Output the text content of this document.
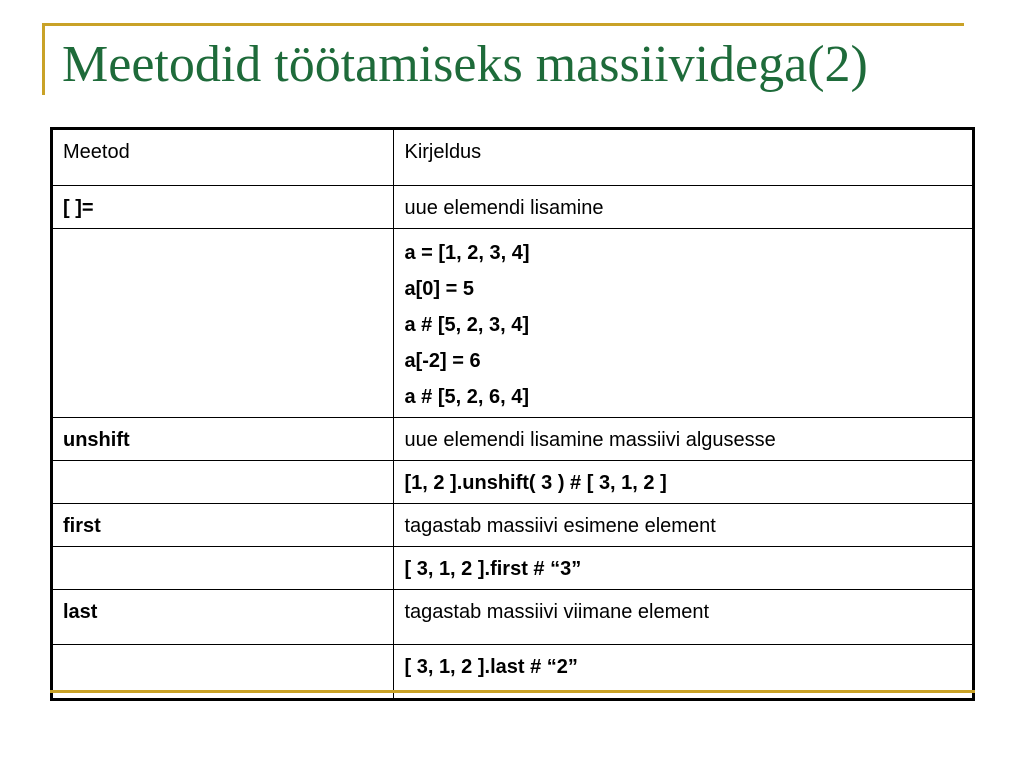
Meetodid töötamiseks massiividega(2)
Meetod	Kirjeldus
[ ]=	uue elemendi lisamine

	a = [1, 2, 3, 4]
a[0] = 5
a # [5, 2, 3, 4]
a[-2] = 6
a # [5, 2, 6, 4]

unshift	uue elemendi lisamine massiivi algusesse
	[1, 2 ].unshift( 3 ) # [ 3, 1, 2 ]
first	tagastab massiivi esimene element
	[ 3, 1, 2 ].first # “3”
last	tagastab massiivi viimane element
	[ 3, 1, 2 ].last # “2”
